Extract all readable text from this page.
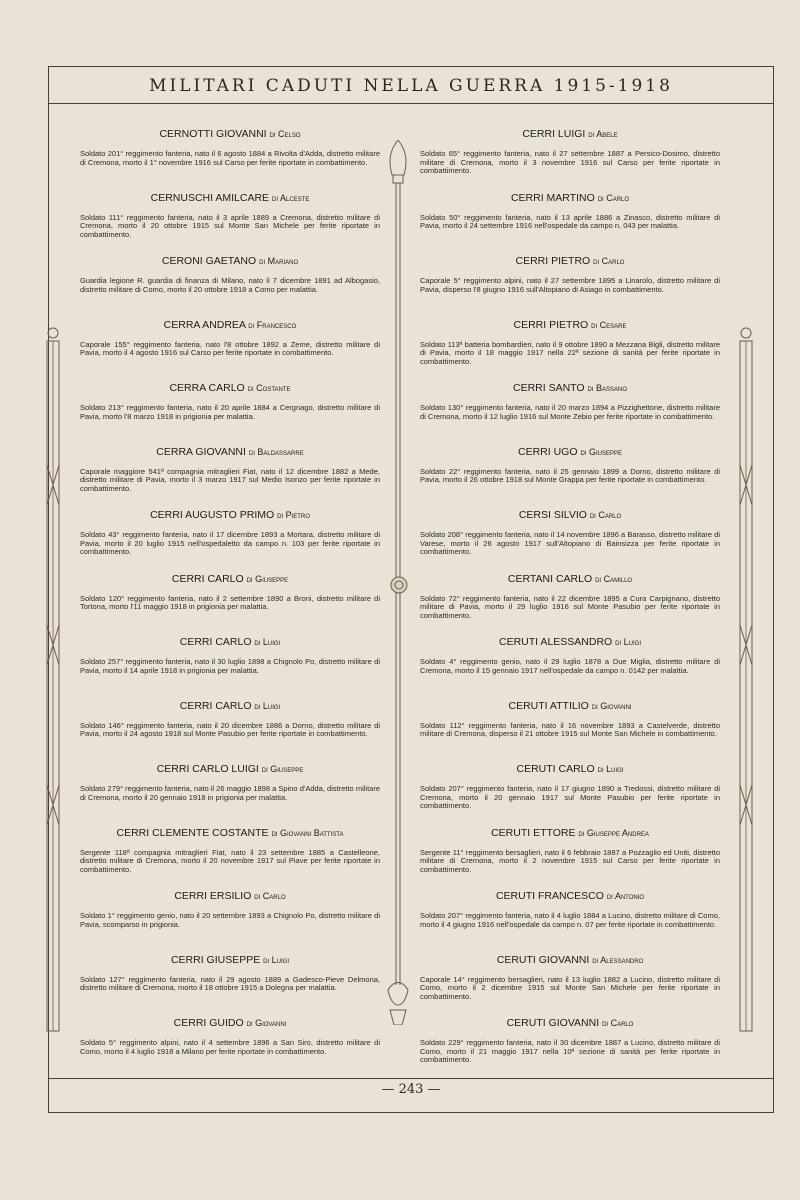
MILITARI CADUTI NELLA GUERRA 1915-1918
— 243 —
CERNOTTI GIOVANNI di Celso

Soldato 201° reggimento fanteria, nato il 6 agosto 1884 a Rivolta d'Adda, distretto militare di Cremona, morto il 1° novembre 1916 sul Carso per ferite riportate in combattimento.

CERNUSCHI AMILCARE di Alceste

Soldato 111° reggimento fanteria, nato il 3 aprile 1889 a Cremona, distretto militare di Cremona, morto il 20 ottobre 1915 sul Monte San Michele per ferite riportate in combattimento.

CERONI GAETANO di Mariano

Guardia legione R. guardia di finanza di Milano, nato il 7 dicembre 1891 ad Albogasio, distretto militare di Como, morto il 20 ottobre 1918 a Como per malattia.

CERRA ANDREA di Francesco

Caporale 155° reggimento fanteria, nato l'8 ottobre 1892 a Zeme, distretto militare di Pavia, morto il 4 agosto 1916 sul Carso per ferite riportate in combattimento.

CERRA CARLO di Costante

Soldato 213° reggimento fanteria, nato il 20 aprile 1884 a Cergnago, distretto militare di Pavia, morto l'8 marzo 1918 in prigionia per malattia.

CERRA GIOVANNI di Baldassarre

Caporale maggiore 541ª compagnia mitraglieri Fiat, nato il 12 dicembre 1882 a Mede, distretto militare di Pavia, morto il 3 marzo 1917 sul Medio Isonzo per ferite riportate in combattimento.

CERRI AUGUSTO PRIMO di Pietro

Soldato 43° reggimento fanteria, nato il 17 dicembre 1893 a Mortara, distretto militare di Pavia, morto il 20 luglio 1915 nell'ospedaletto da campo n. 103 per ferite riportate in combattimento.

CERRI CARLO di Giuseppe

Soldato 120° reggimento fanteria, nato il 2 settembre 1890 a Broni, distretto militare di Tortona, morto l'11 maggio 1918 in prigionia per malattia.

CERRI CARLO di Luigi

Soldato 257° reggimento fanteria, nato il 30 luglio 1898 a Chignolo Po, distretto militare di Pavia, morto il 14 aprile 1918 in prigionia per malattia.

CERRI CARLO di Luigi

Soldato 146° reggimento fanteria, nato il 20 dicembre 1886 a Dorno, distretto militare di Pavia, morto il 24 agosto 1918 sul Monte Pasubio per ferite riportate in combattimento.

CERRI CARLO LUIGI di Giuseppe

Soldato 279° reggimento fanteria, nato il 26 maggio 1898 a Spino d'Adda, distretto militare di Cremona, morto il 20 gennaio 1918 in prigionia per malattia.

CERRI CLEMENTE COSTANTE di Giovanni Battista

Sergente 118ª compagnia mitraglieri Fiat, nato il 23 settembre 1885 a Castelleone, distretto militare di Cremona, morto il 20 novembre 1917 sul Piave per ferite riportate in combattimento.

CERRI ERSILIO di Carlo

Soldato 1° reggimento genio, nato il 20 settembre 1893 a Chignolo Po, distretto militare di Pavia, scomparso in prigionia.

CERRI GIUSEPPE di Luigi

Soldato 127° reggimento fanteria, nato il 29 agosto 1889 a Gadesco-Pieve Delmona, distretto militare di Cremona, morto il 18 ottobre 1915 a Dolegna per malattia.

CERRI GUIDO di Giovanni

Soldato 5° reggimento alpini, nato il 4 settembre 1896 a San Siro, distretto militare di Como, morto il 4 luglio 1918 a Milano per ferite riportate in combattimento.

CERRI LUIGI di Abele

Soldato 65° reggimento fanteria, nato il 27 settembre 1887 a Persico-Dosimo, distretto militare di Cremona, morto il 3 novembre 1916 sul Carso per ferite riportate in combattimento.

CERRI MARTINO di Carlo

Soldato 50° reggimento fanteria, nato il 13 aprile 1886 a Zinasco, distretto militare di Pavia, morto il 24 settembre 1916 nell'ospedale da campo n. 043 per malattia.

CERRI PIETRO di Carlo

Caporale 5° reggimento alpini, nato il 27 settembre 1895 a Linarolo, distretto militare di Pavia, disperso l'8 giugno 1916 sull'Altopiano di Asiago in combattimento.

CERRI PIETRO di Cesare

Soldato 113ª batteria bombardieri, nato il 9 ottobre 1890 a Mezzana Bigli, distretto militare di Pavia, morto il 18 maggio 1917 nella 22ª sezione di sanità per ferite riportate in combattimento.

CERRI SANTO di Bassano

Soldato 130° reggimento fanteria, nato il 20 marzo 1894 a Pizzighettone, distretto militare di Cremona, morto il 12 luglio 1916 sul Monte Zebio per ferite riportate in combattimento.

CERRI UGO di Giuseppe

Soldato 22° reggimento fanteria, nato il 25 gennaio 1899 a Dorno, distretto militare di Pavia, morto il 26 ottobre 1918 sul Monte Grappa per ferite riportate in combattimento.

CERSI SILVIO di Carlo

Soldato 208° reggimento fanteria, nato il 14 novembre 1896 a Barasso, distretto militare di Varese, morto il 26 agosto 1917 sull'Altopiano di Bainsizza per ferite riportate in combattimento.

CERTANI CARLO di Camillo

Soldato 72° reggimento fanteria, nato il 22 dicembre 1895 a Cura Carpignano, distretto militare di Pavia, morto il 29 luglio 1916 sul Monte Pasubio per ferite riportate in combattimento.

CERUTI ALESSANDRO di Luigi

Soldato 4° reggimento genio, nato il 29 luglio 1878 a Due Miglia, distretto militare di Cremona, morto il 15 gennaio 1917 nell'ospedale da campo n. 0142 per malattia.

CERUTI ATTILIO di Giovanni

Soldato 112° reggimento fanteria, nato il 16 novembre 1893 a Castelverde, distretto militare di Cremona, disperso il 21 ottobre 1915 sul Monte San Michele in combattimento.

CERUTI CARLO di Luigi

Soldato 207° reggimento fanteria, nato il 17 giugno 1890 a Tredossi, distretto militare di Cremona, morto il 20 gennaio 1917 sul Monte Pasubio per ferite riportate in combattimento.

CERUTI ETTORE di Giuseppe Andrea

Sergente 11° reggimento bersaglieri, nato il 6 febbraio 1887 a Pozzaglio ed Uniti, distretto militare di Cremona, morto il 2 novembre 1915 sul Carso per ferite riportate in combattimento.

CERUTI FRANCESCO di Antonio

Soldato 207° reggimento fanteria, nato il 4 luglio 1884 a Lucino, distretto militare di Como, morto il 4 giugno 1916 nell'ospedale da campo n. 07 per ferite riportate in combattimento.

CERUTI GIOVANNI di Alessandro

Caporale 14° reggimento bersaglieri, nato il 13 luglio 1882 a Lucino, distretto militare di Como, morto il 2 dicembre 1915 sul Monte San Michele per ferite riportate in combattimento.

CERUTI GIOVANNI di Carlo

Soldato 229° reggimento fanteria, nato il 30 dicembre 1887 a Lucino, distretto militare di Como, morto il 21 maggio 1917 nella 10ª sezione di sanità per ferite riportate in combattimento.
